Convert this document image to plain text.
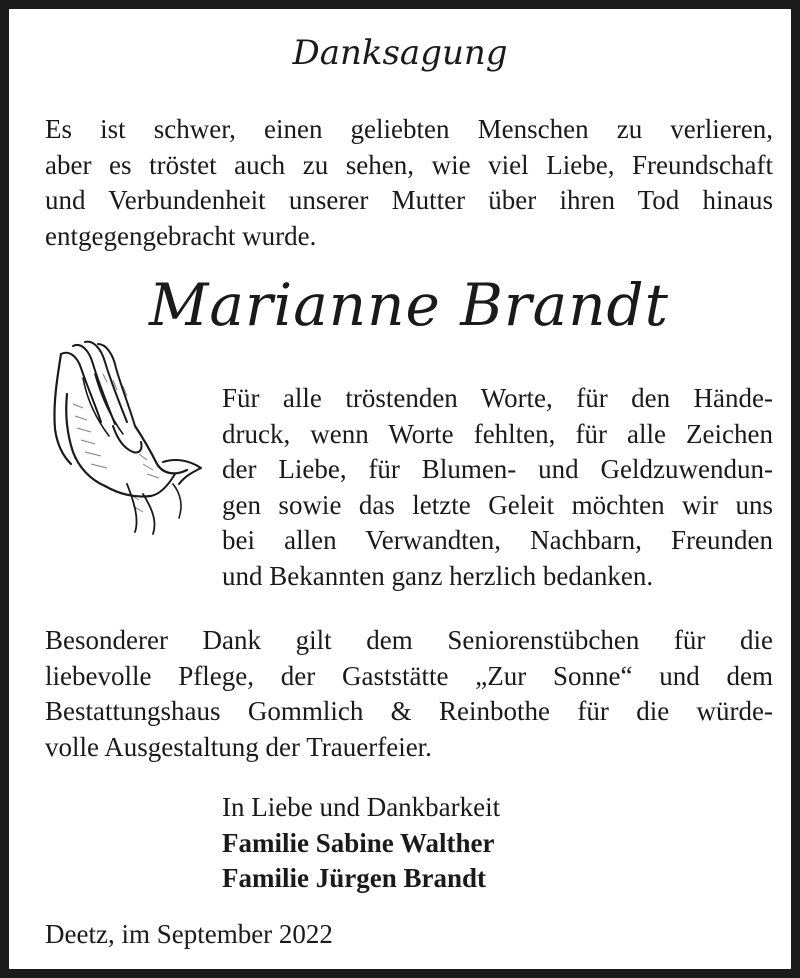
Danksagung
Es ist schwer, einen geliebten Menschen zu verlieren,
aber es tröstet auch zu sehen, wie viel Liebe, Freundschaft
und Verbundenheit unserer Mutter über ihren Tod hinaus
entgegengebracht wurde.
Marianne Brandt
Für alle tröstenden Worte, für den Hände-
druck, wenn Worte fehlten, für alle Zeichen
der Liebe, für Blumen- und Geldzuwendun-
gen sowie das letzte Geleit möchten wir uns
bei allen Verwandten, Nachbarn, Freunden
und Bekannten ganz herzlich bedanken.
Besonderer Dank gilt dem Seniorenstübchen für die
liebevolle Pflege, der Gaststätte „Zur Sonne“ und dem
Bestattungshaus Gommlich & Reinbothe für die würde-
volle Ausgestaltung der Trauerfeier.
In Liebe und Dankbarkeit
Familie Sabine Walther
Familie Jürgen Brandt
Deetz, im September 2022
